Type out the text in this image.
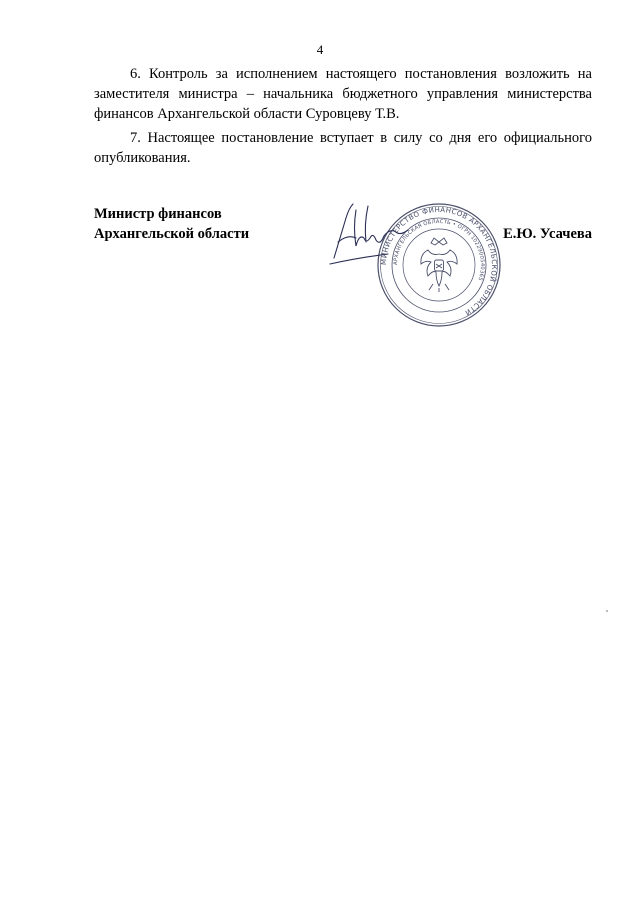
4

6. Контроль за исполнением настоящего постановления возложить на заместителя министра – начальника бюджетного управления министерства финансов Архангельской области Суровцеву Т.В.

7. Настоящее постановление вступает в силу со дня его официального опубликования.

Министр финансов
Архангельской области
МИНИСТЕРСТВО ФИНАНСОВ АРХАНГЕЛЬСКОЙ ОБЛАСТИ
АРХАНГЕЛЬСКАЯ ОБЛАСТЬ • ОГРН 1022900540365
Е.Ю. Усачева
